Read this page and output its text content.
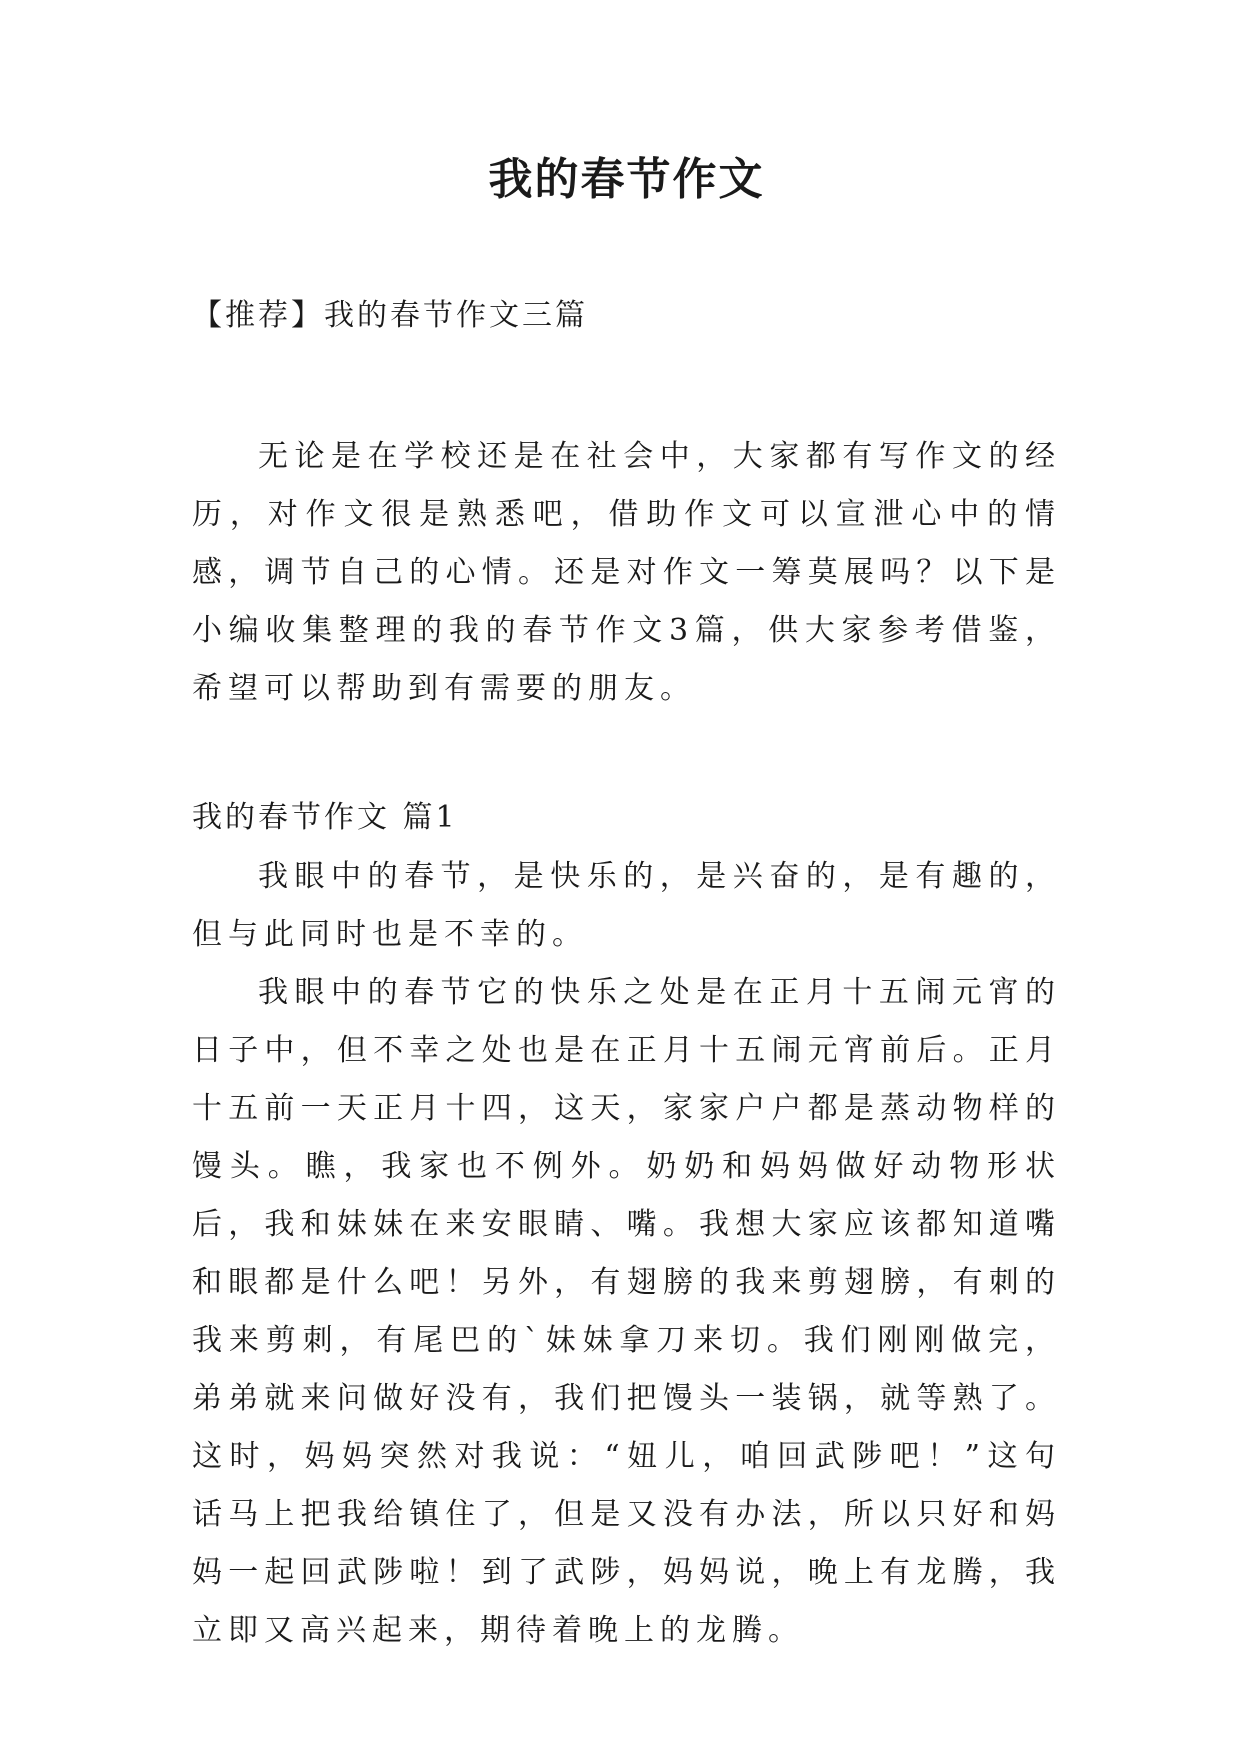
我的春节作文
【推荐】我的春节作文三篇

无论是在学校还是在社会中，大家都有写作文的经历，对作文很是熟悉吧，借助作文可以宣泄心中的情感，调节自己的心情。还是对作文一筹莫展吗？以下是小编收集整理的我的春节作文3篇，供大家参考借鉴，希望可以帮助到有需要的朋友。

我的春节作文 篇1

我眼中的春节，是快乐的，是兴奋的，是有趣的，但与此同时也是不幸的。

我眼中的春节它的快乐之处是在正月十五闹元宵的日子中，但不幸之处也是在正月十五闹元宵前后。正月十五前一天正月十四，这天，家家户户都是蒸动物样的馒头。瞧，我家也不例外。奶奶和妈妈做好动物形状后，我和妹妹在来安眼睛、嘴。我想大家应该都知道嘴和眼都是什么吧！另外，有翅膀的我来剪翅膀，有刺的我来剪刺，有尾巴的`妹妹拿刀来切。我们刚刚做完，弟弟就来问做好没有，我们把馒头一装锅，就等熟了。这时，妈妈突然对我说：“妞儿，咱回武陟吧！”这句话马上把我给镇住了，但是又没有办法，所以只好和妈妈一起回武陟啦！到了武陟，妈妈说，晚上有龙腾，我立即又高兴起来，期待着晚上的龙腾。
